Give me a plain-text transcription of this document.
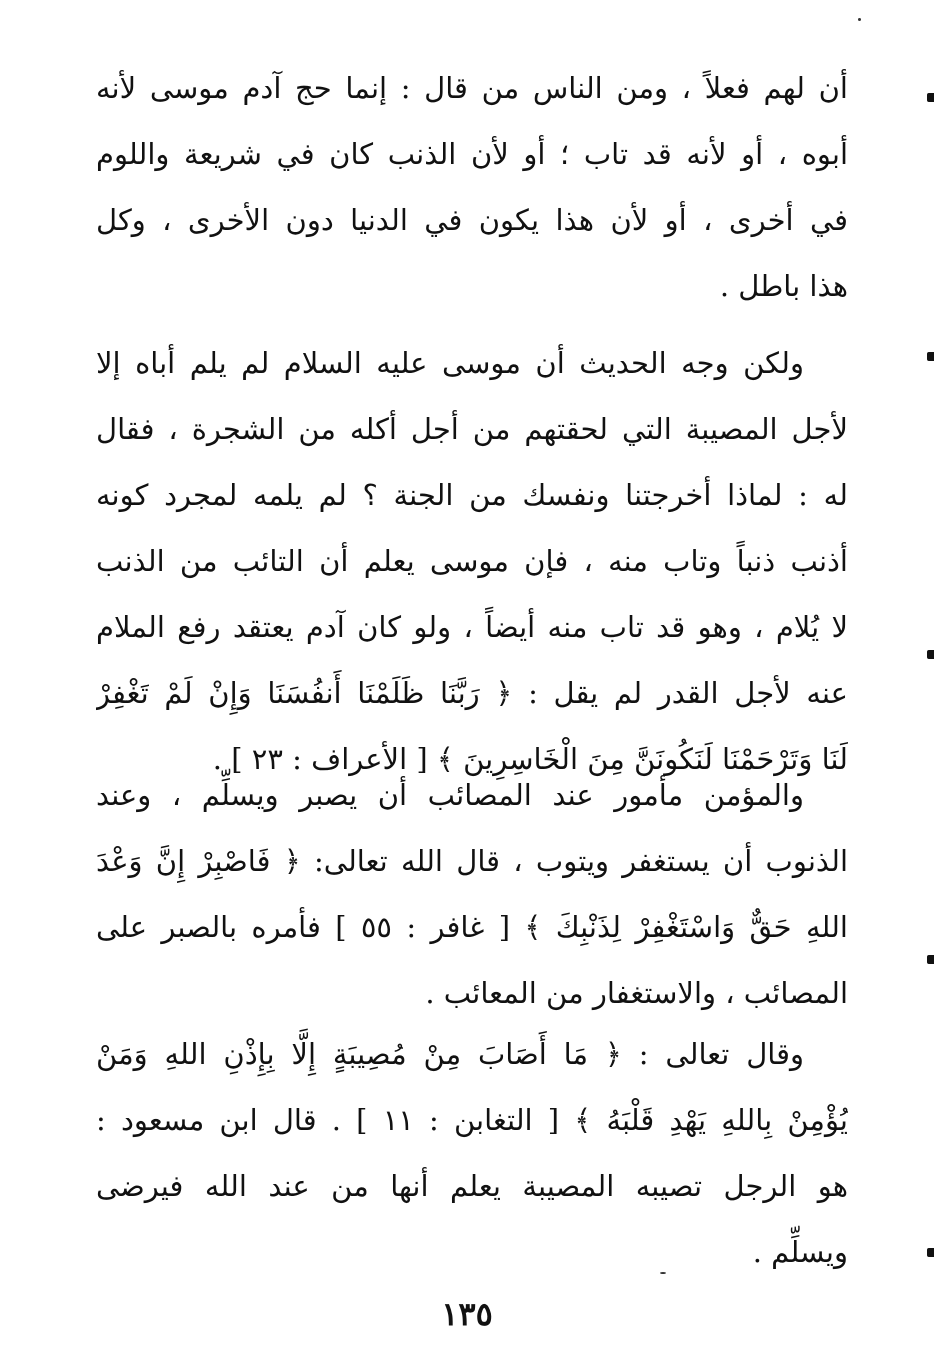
أن لهم فعلاً ، ومن الناس من قال : إنما حج آدم موسى لأنه
أبوه ، أو لأنه قد تاب ؛ أو لأن الذنب كان في شريعة واللوم
في أخرى ، أو لأن هذا يكون في الدنيا دون الأخرى ، وكل
هذا باطل .
ولكن وجه الحديث أن موسى عليه السلام لم يلم أباه إلا
لأجل المصيبة التي لحقتهم من أجل أكله من الشجرة ، فقال
له : لماذا أخرجتنا ونفسك من الجنة ؟ لم يلمه لمجرد كونه
أذنب ذنباً وتاب منه ، فإن موسى يعلم أن التائب من الذنب
لا يُلام ، وهو قد تاب منه أيضاً ، ولو كان آدم يعتقد رفع الملام
عنه لأجل القدر لم يقل : ﴿ رَبَّنَا ظَلَمْنَا أَنفُسَنَا وَإِنْ لَمْ تَغْفِرْ
لَنَا وَتَرْحَمْنَا لَنَكُونَنَّ مِنَ الْخَاسِرِينَ ﴾ [ الأعراف : ٢٣ ] .
والمؤمن مأمور عند المصائب أن يصبر ويسلِّم ، وعند
الذنوب أن يستغفر ويتوب ، قال الله تعالى: ﴿ فَاصْبِرْ إِنَّ وَعْدَ
اللهِ حَقٌّ وَاسْتَغْفِرْ لِذَنْبِكَ ﴾ [ غافر : ٥٥ ] فأمره بالصبر على
المصائب ، والاستغفار من المعائب .
وقال تعالى : ﴿ مَا أَصَابَ مِنْ مُصِيبَةٍ إِلَّا بِإِذْنِ اللهِ وَمَنْ
يُؤْمِنْ بِاللهِ يَهْدِ قَلْبَهُ ﴾ [ التغابن : ١١ ] . قال ابن مسعود :
هو الرجل تصيبه المصيبة يعلم أنها من عند الله فيرضى
ويسلِّم .
١٣٥
